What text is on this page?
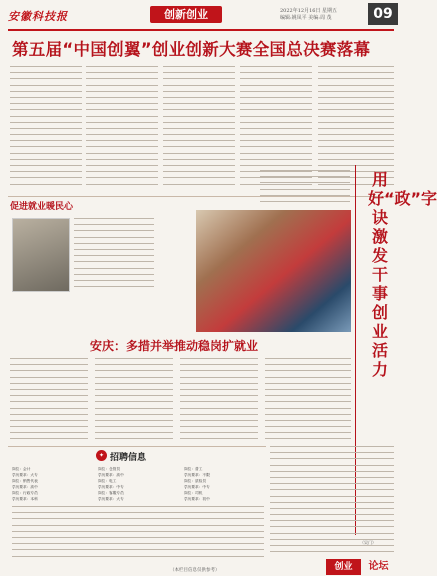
安徽科技报	创新创业	2022年12月16日 星期五
编辑:姚凤平 美编:周 茂	09
第五届“中国创翼”创业创新大赛全国总决赛落幕
促进就业暖民心
安庆：多措并举推动稳岗扩就业
用好“政”字诀 激发干事创业活力
（吴门）
✦ 招聘信息
岗位：会计
学历要求：大专
岗位：销售代表
学历要求：高中
岗位：行政专员
学历要求：本科
岗位：仓管员
学历要求：高中
岗位：电工
学历要求：中专
岗位：客服专员
学历要求：大专
岗位：普工
学历要求：不限
岗位：质检员
学历要求：中专
岗位：司机
学历要求：初中
（本栏目信息仅供参考）	创业	论坛
